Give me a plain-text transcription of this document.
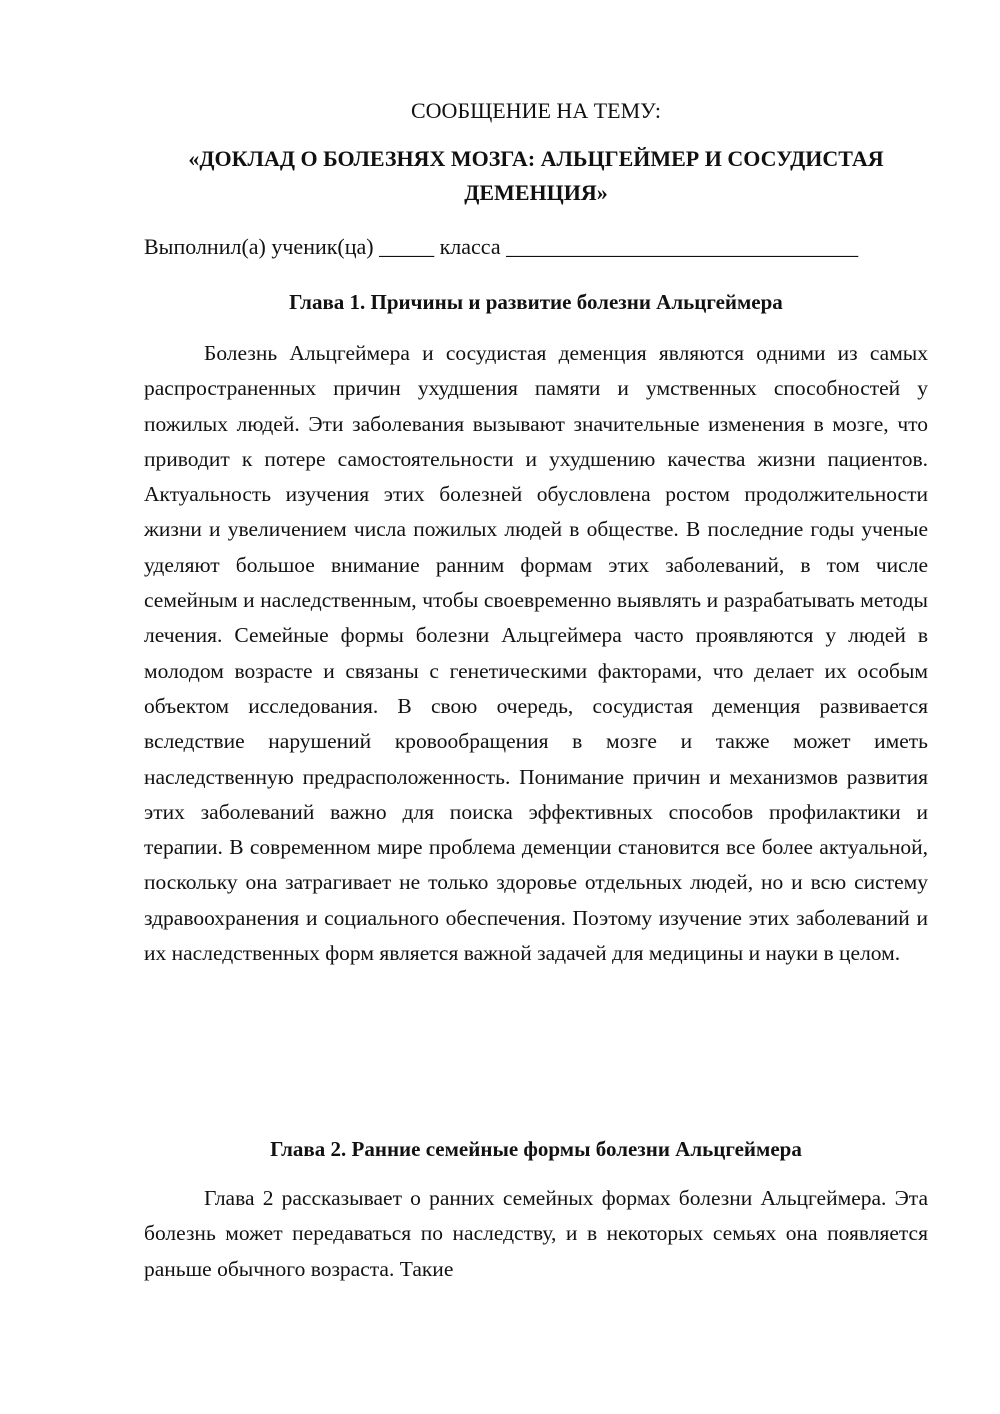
СООБЩЕНИЕ НА ТЕМУ:
«ДОКЛАД О БОЛЕЗНЯХ МОЗГА: АЛЬЦГЕЙМЕР И СОСУДИСТАЯ ДЕМЕНЦИЯ»
Выполнил(а) ученик(ца) _____ класса ________________________________
Глава 1. Причины и развитие болезни Альцгеймера

Болезнь Альцгеймера и сосудистая деменция являются одними из самых распространенных причин ухудшения памяти и умственных способностей у пожилых людей. Эти заболевания вызывают значительные изменения в мозге, что приводит к потере самостоятельности и ухудшению качества жизни пациентов. Актуальность изучения этих болезней обусловлена ростом продолжительности жизни и увеличением числа пожилых людей в обществе. В последние годы ученые уделяют большое внимание ранним формам этих заболеваний, в том числе семейным и наследственным, чтобы своевременно выявлять и разрабатывать методы лечения. Семейные формы болезни Альцгеймера часто проявляются у людей в молодом возрасте и связаны с генетическими факторами, что делает их особым объектом исследования. В свою очередь, сосудистая деменция развивается вследствие нарушений кровообращения в мозге и также может иметь наследственную предрасположенность. Понимание причин и механизмов развития этих заболеваний важно для поиска эффективных способов профилактики и терапии. В современном мире проблема деменции становится все более актуальной, поскольку она затрагивает не только здоровье отдельных людей, но и всю систему здравоохранения и социального обеспечения. Поэтому изучение этих заболеваний и их наследственных форм является важной задачей для медицины и науки в целом.

Глава 2. Ранние семейные формы болезни Альцгеймера

Глава 2 рассказывает о ранних семейных формах болезни Альцгеймера. Эта болезнь может передаваться по наследству, и в некоторых семьях она появляется раньше обычного возраста. Такие
